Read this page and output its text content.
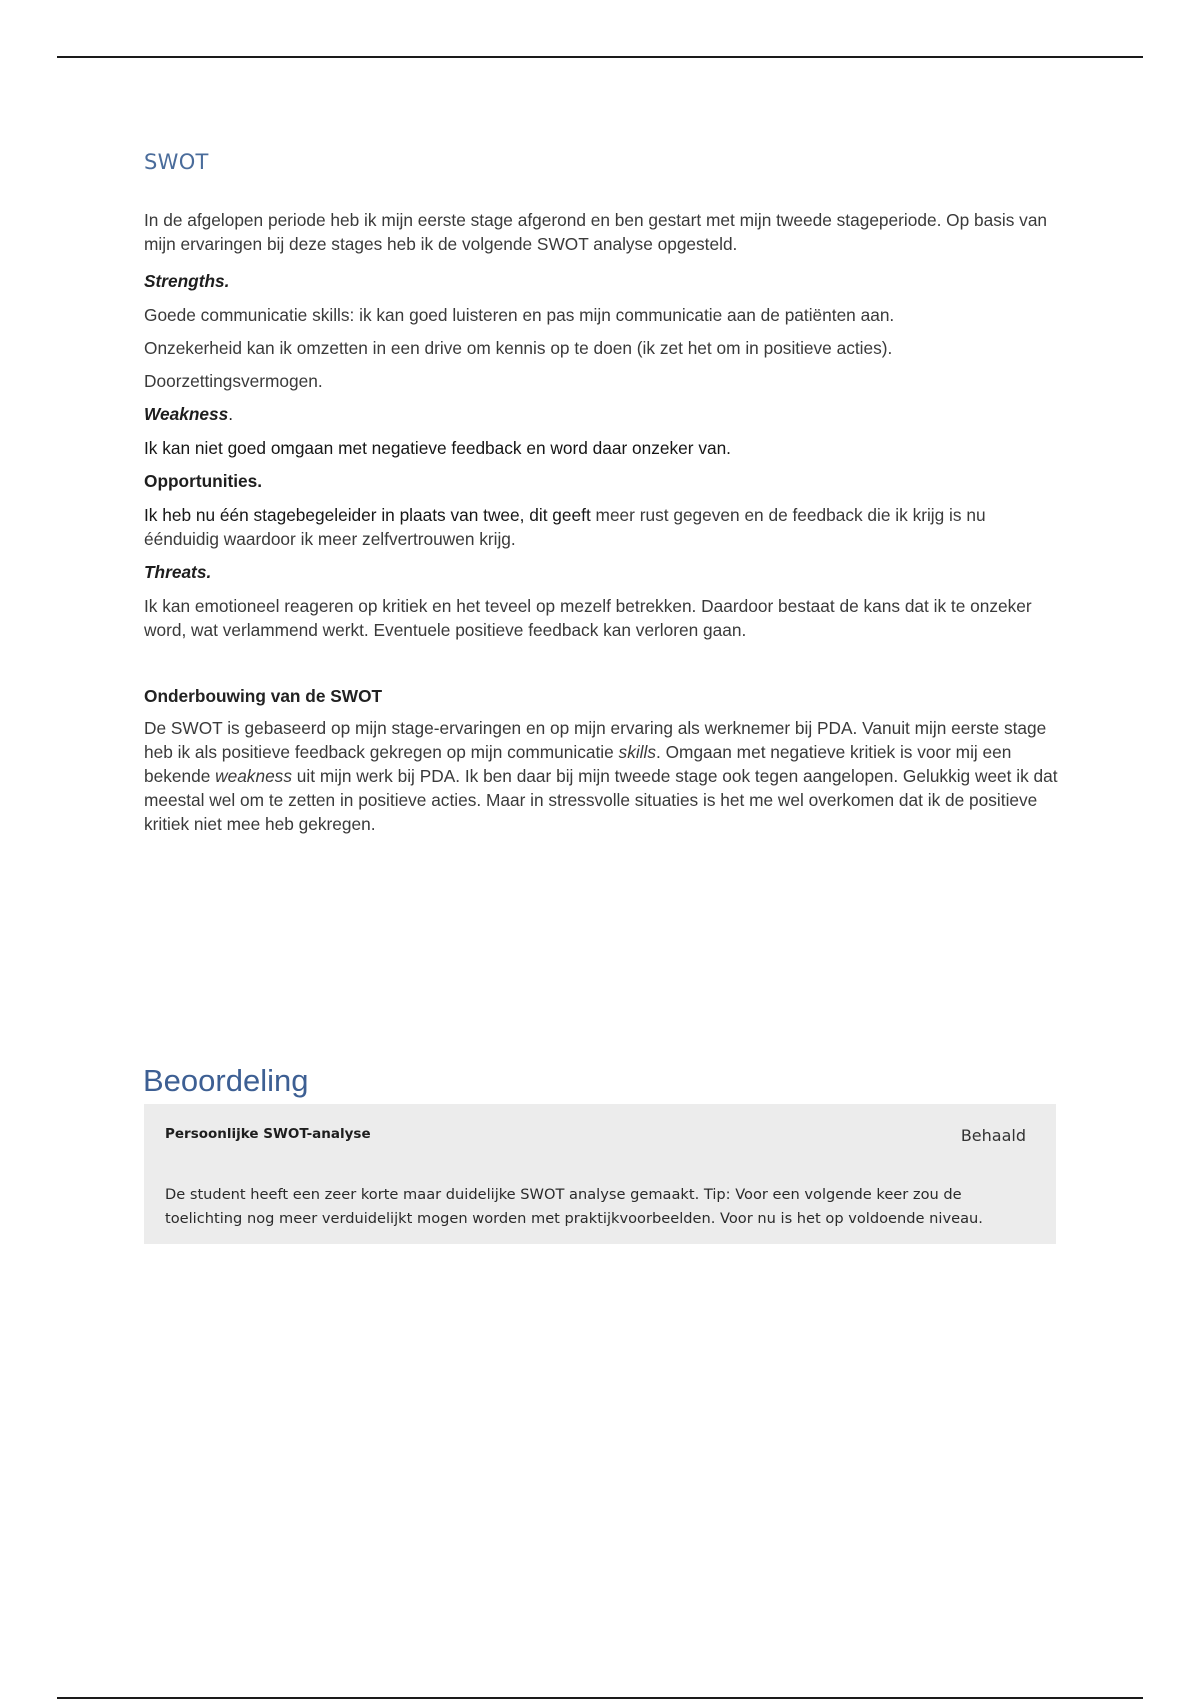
SWOT

In de afgelopen periode heb ik mijn eerste stage afgerond en ben gestart met mijn tweede stageperiode. Op basis van mijn ervaringen bij deze stages heb ik de volgende SWOT analyse opgesteld.

Strengths.

Goede communicatie skills: ik kan goed luisteren en pas mijn communicatie aan de patiënten aan.

Onzekerheid kan ik omzetten in een drive om kennis op te doen (ik zet het om in positieve acties).

Doorzettingsvermogen.

Weakness.

Ik kan niet goed omgaan met negatieve feedback en word daar onzeker van.

Opportunities.

Ik heb nu één stagebegeleider in plaats van twee, dit geeft meer rust gegeven en de feedback die ik krijg is nu éénduidig waardoor ik meer zelfvertrouwen krijg.

Threats.

Ik kan emotioneel reageren op kritiek en het teveel op mezelf betrekken. Daardoor bestaat de kans dat ik te onzeker word, wat verlammend werkt. Eventuele positieve feedback kan verloren gaan.

Onderbouwing van de SWOT

De SWOT is gebaseerd op mijn stage-ervaringen en op mijn ervaring als werknemer bij PDA. Vanuit mijn eerste stage heb ik als positieve feedback gekregen op mijn communicatie skills. Omgaan met negatieve kritiek is voor mij een bekende weakness uit mijn werk bij PDA. Ik ben daar bij mijn tweede stage ook tegen aangelopen. Gelukkig weet ik dat meestal wel om te zetten in positieve acties. Maar in stressvolle situaties is het me wel overkomen dat ik de positieve kritiek niet mee heb gekregen.

Beoordeling
Persoonlijke SWOT-analyse	Behaald
De student heeft een zeer korte maar duidelijke SWOT analyse gemaakt. Tip: Voor een volgende keer zou de toelichting nog meer verduidelijkt mogen worden met praktijkvoorbeelden. Voor nu is het op voldoende niveau.
